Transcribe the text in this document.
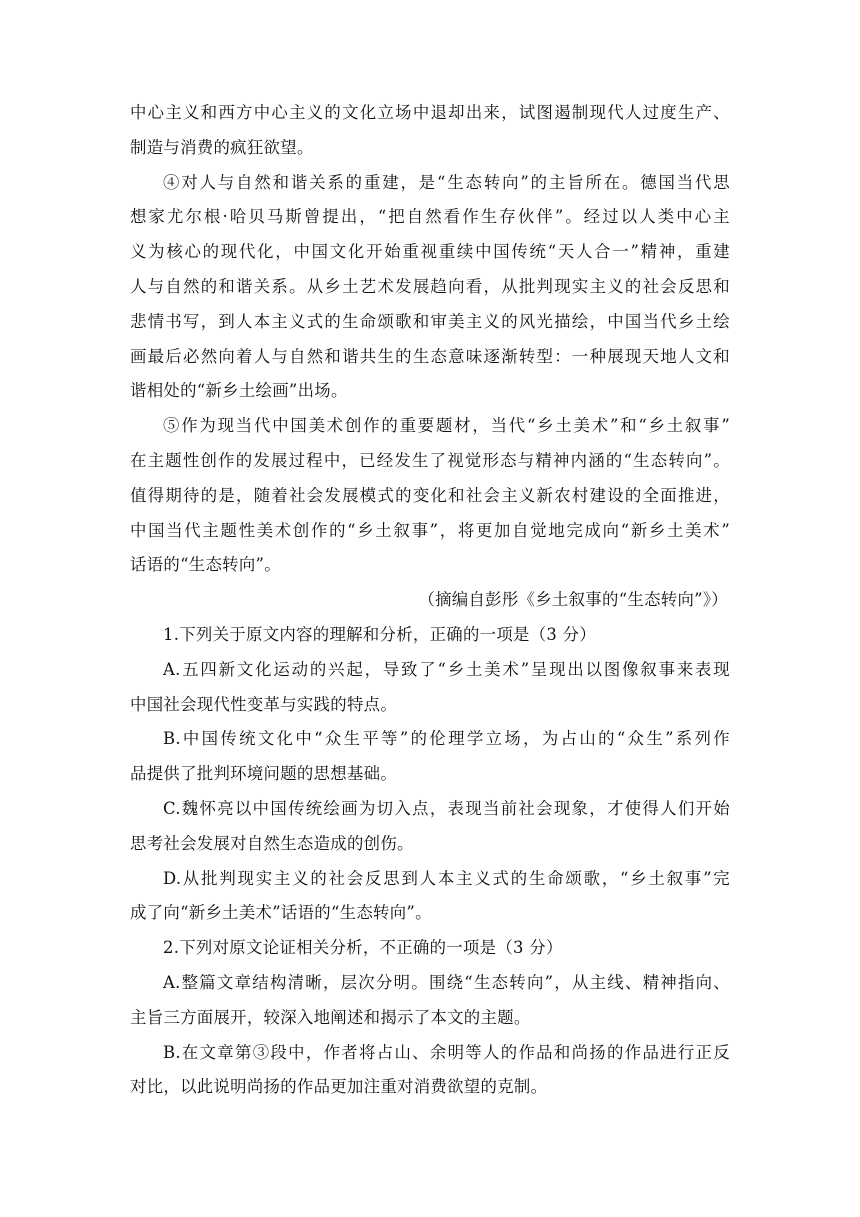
中心主义和西方中心主义的文化立场中退却出来，试图遏制现代人过度生产、
制造与消费的疯狂欲望。
④对人与自然和谐关系的重建，是“生态转向”的主旨所在。德国当代思
想家尤尔根·哈贝马斯曾提出，“把自然看作生存伙伴”。经过以人类中心主
义为核心的现代化，中国文化开始重视重续中国传统“天人合一”精神，重建
人与自然的和谐关系。从乡土艺术发展趋向看，从批判现实主义的社会反思和
悲情书写，到人本主义式的生命颂歌和审美主义的风光描绘，中国当代乡土绘
画最后必然向着人与自然和谐共生的生态意味逐渐转型：一种展现天地人文和
谐相处的“新乡土绘画”出场。
⑤作为现当代中国美术创作的重要题材，当代“乡土美术”和“乡土叙事”
在主题性创作的发展过程中，已经发生了视觉形态与精神内涵的“生态转向”。
值得期待的是，随着社会发展模式的变化和社会主义新农村建设的全面推进，
中国当代主题性美术创作的“乡土叙事”，将更加自觉地完成向“新乡土美术”
话语的“生态转向”。
（摘编自彭彤《乡土叙事的“生态转向”》）
1.下列关于原文内容的理解和分析，正确的一项是（3 分）
A.五四新文化运动的兴起，导致了“乡土美术”呈现出以图像叙事来表现
中国社会现代性变革与实践的特点。
B.中国传统文化中“众生平等”的伦理学立场，为占山的“众生”系列作
品提供了批判环境问题的思想基础。
C.魏怀亮以中国传统绘画为切入点，表现当前社会现象，才使得人们开始
思考社会发展对自然生态造成的创伤。
D.从批判现实主义的社会反思到人本主义式的生命颂歌，“乡土叙事”完
成了向“新乡土美术”话语的“生态转向”。
2.下列对原文论证相关分析，不正确的一项是（3 分）
A.整篇文章结构清晰，层次分明。围绕“生态转向”，从主线、精神指向、
主旨三方面展开，较深入地阐述和揭示了本文的主题。
B.在文章第③段中，作者将占山、余明等人的作品和尚扬的作品进行正反
对比，以此说明尚扬的作品更加注重对消费欲望的克制。
